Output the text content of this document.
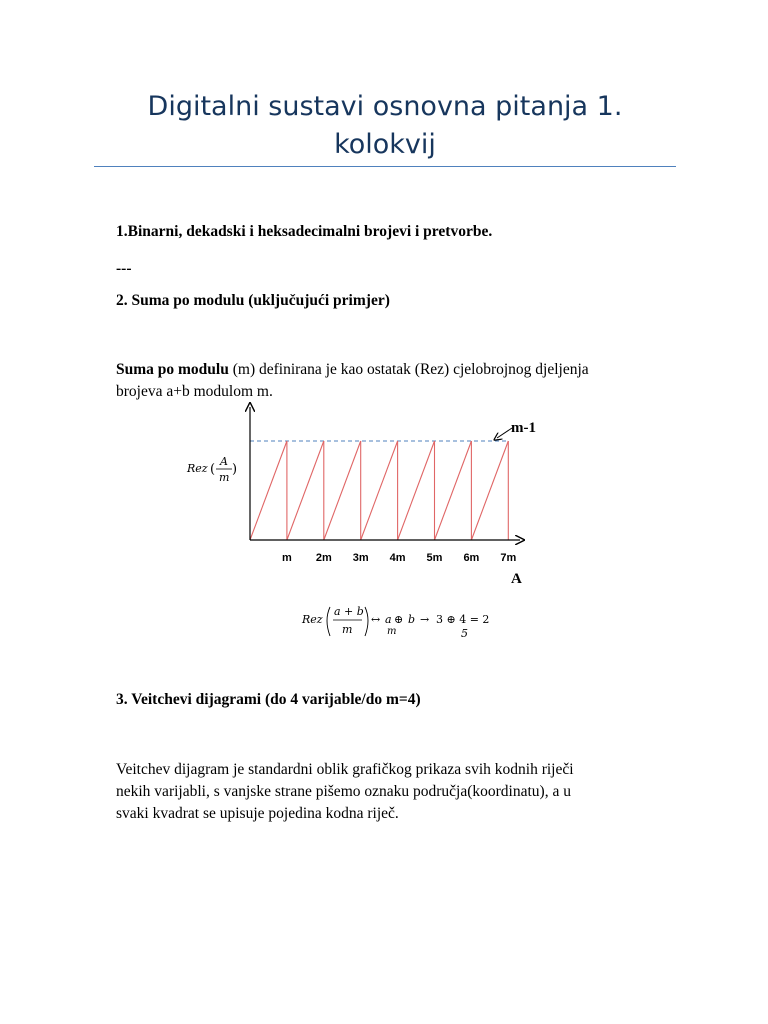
Digitalni sustavi osnovna pitanja 1.
kolokvij
1.Binarni, dekadski i heksadecimalni brojevi i pretvorbe.
---
2. Suma po modulu (uključujući primjer)
Suma po modulu (m) definirana je kao ostatak (Rez) cjelobrojnog djeljenja
brojeva a+b modulom m.
m-1
m 2m 3m 4m 5m 6m 7m
A
Rez (
A
m
)
Rez
a + b
m
↔ a ⊕
m
b → 3 ⊕ 4 = 2
5
3. Veitchevi dijagrami (do 4 varijable/do m=4)
Veitchev dijagram je standardni oblik grafičkog prikaza svih kodnih riječi
nekih varijabli, s vanjske strane pišemo oznaku područja(koordinatu), a u
svaki kvadrat se upisuje pojedina kodna riječ.
